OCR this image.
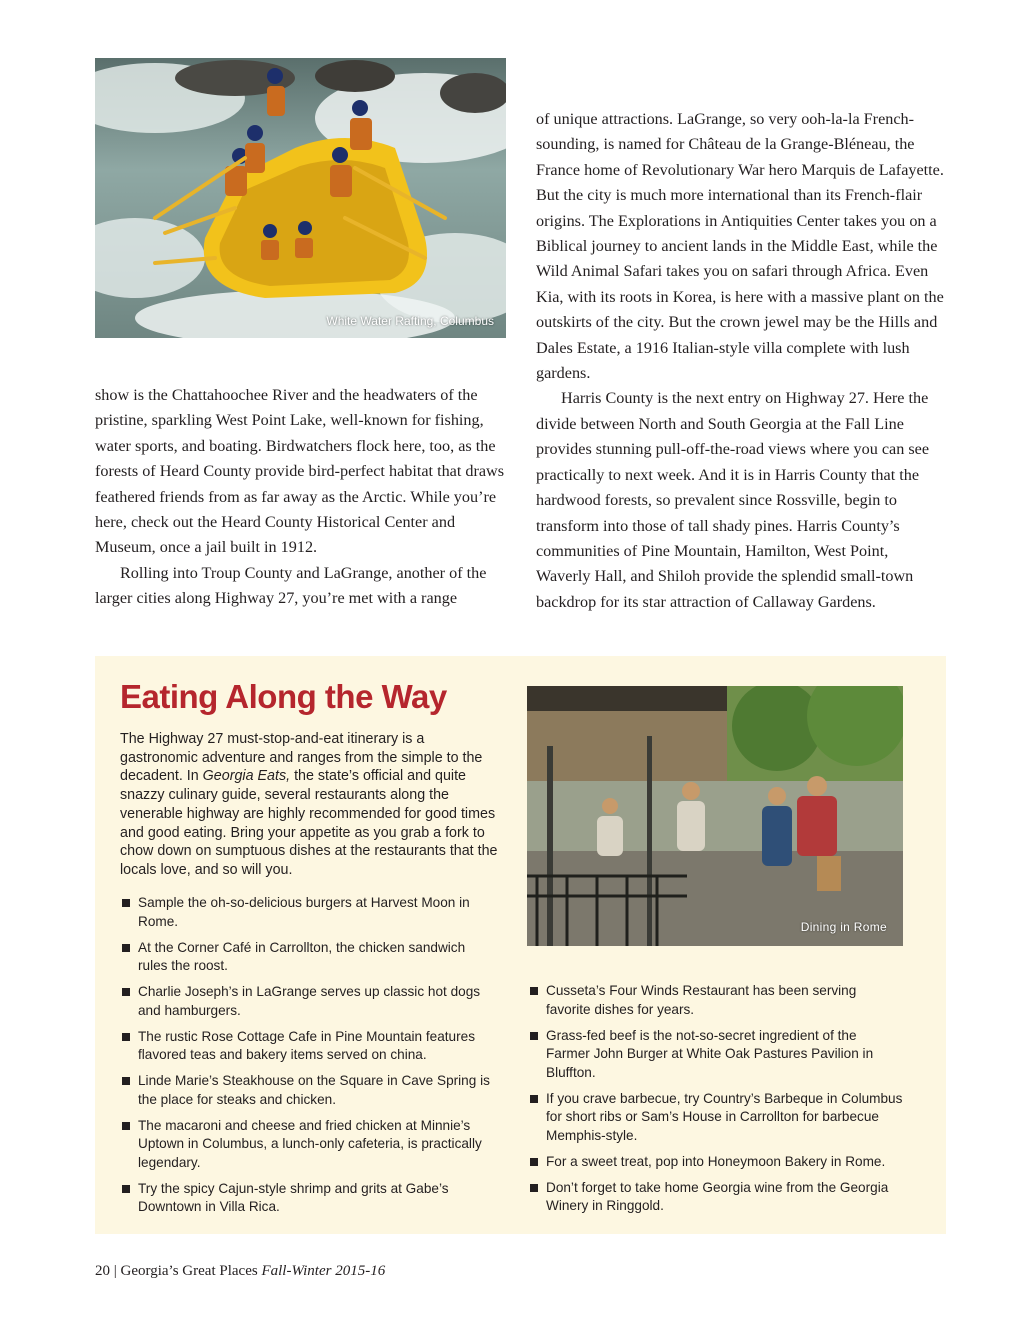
White Water Rafting, Columbus

show is the Chattahoochee River and the headwaters of the pristine, sparkling West Point Lake, well-known for fishing, water sports, and boating. Birdwatchers flock here, too, as the forests of Heard County provide bird-perfect habitat that draws feathered friends from as far away as the Arctic. While you’re here, check out the Heard County Historical Center and Museum, once a jail built in 1912.

Rolling into Troup County and LaGrange, another of the larger cities along Highway 27, you’re met with a range

of unique attractions. LaGrange, so very ooh-la-la French-sounding, is named for Château de la Grange-Bléneau, the France home of Revolutionary War hero Marquis de Lafayette. But the city is much more international than its French-flair origins. The Explorations in Antiquities Center takes you on a Biblical journey to ancient lands in the Middle East, while the Wild Animal Safari takes you on safari through Africa. Even Kia, with its roots in Korea, is here with a massive plant on the outskirts of the city. But the crown jewel may be the Hills and Dales Estate, a 1916 Italian-style villa complete with lush gardens.

Harris County is the next entry on Highway 27. Here the divide between North and South Georgia at the Fall Line provides stunning pull-off-the-road views where you can see practically to next week. And it is in Harris County that the hardwood forests, so prevalent since Rossville, begin to transform into those of tall shady pines. Harris County’s communities of Pine Mountain, Hamilton, West Point, Waverly Hall, and Shiloh provide the splendid small-town backdrop for its star attraction of Callaway Gardens.

Eating Along the Way

The Highway 27 must-stop-and-eat itinerary is a gastronomic adventure and ranges from the simple to the decadent. In Georgia Eats, the state’s official and quite snazzy culinary guide, several restaurants along the venerable highway are highly recommended for good times and good eating. Bring your appetite as you grab a fork to chow down on sumptuous dishes at the restaurants that the locals love, and so will you.

Sample the oh-so-delicious burgers at Harvest Moon in Rome.
At the Corner Café in Carrollton, the chicken sandwich rules the roost.
Charlie Joseph’s in LaGrange serves up classic hot dogs and hamburgers.
The rustic Rose Cottage Cafe in Pine Mountain features flavored teas and bakery items served on china.
Linde Marie’s Steakhouse on the Square in Cave Spring is the place for steaks and chicken.
The macaroni and cheese and fried chicken at Minnie’s Uptown in Columbus, a lunch-only cafeteria, is practically legendary.
Try the spicy Cajun-style shrimp and grits at Gabe’s Downtown in Villa Rica.
Cusseta’s Four Winds Restaurant has been serving favorite dishes for years.
Grass-fed beef is the not-so-secret ingredient of the Farmer John Burger at White Oak Pastures Pavilion in Bluffton.
If you crave barbecue, try Country’s Barbeque in Columbus for short ribs or Sam’s House in Carrollton for barbecue Memphis-style.
For a sweet treat, pop into Honeymoon Bakery in Rome.
Don’t forget to take home Georgia wine from the Georgia Winery in Ringgold.
Dining in Rome
20 | Georgia’s Great Places Fall-Winter 2015-16
